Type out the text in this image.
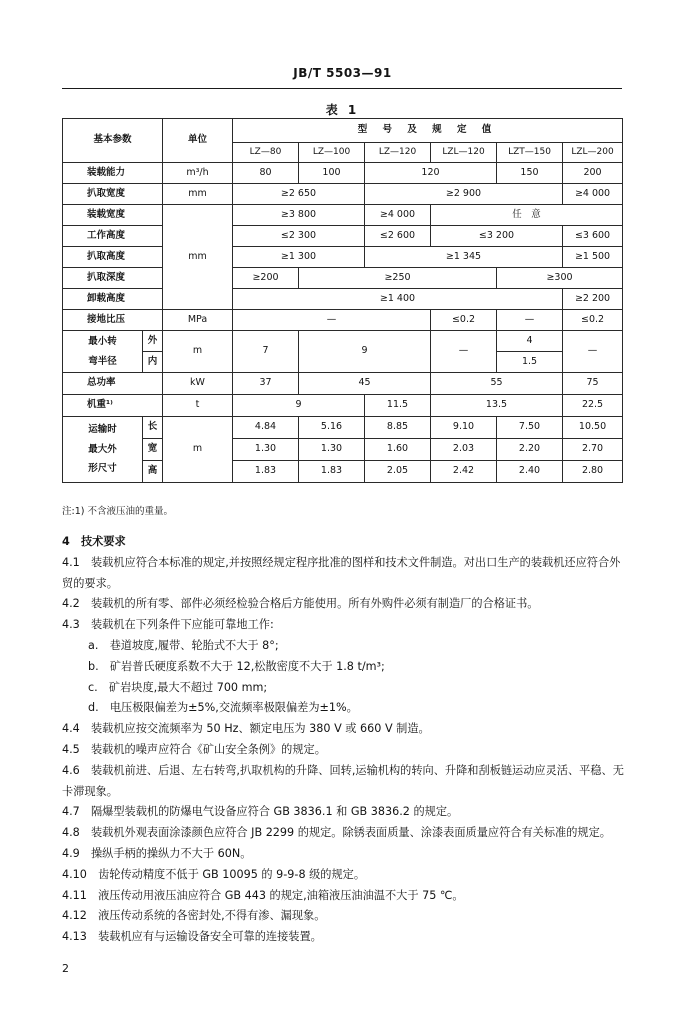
JB/T 5503—91
表 1
基本参数		单位	型 号 及 规 定 值					
			LZ—80	LZ—100	LZ—120	LZL—120	LZT—150	LZL—200
装载能力		m³/h	80	100	120		150	200
扒取宽度		mm	≥2 650		≥2 900			≥4 000
装载宽度		mm	≥3 800		≥4 000	任　意		
工作高度			≤2 300		≤2 600	≤3 200		≤3 600
扒取高度			≥1 300		≥1 345			≥1 500
扒取深度			≥200	≥250			≥300	
卸载高度			≥1 400					≥2 200
接地比压		MPa	—			≤0.2	—	≤0.2

最小转
弯半径	外	m	7	9		—	4	—
	内						1.5	
总功率		kW	37	45		55		75
机重¹⁾		t	9		11.5	13.5		22.5

运输时
最大外
形尺寸	长	m	4.84	5.16	8.85	9.10	7.50	10.50
	宽		1.30	1.30	1.60	2.03	2.20	2.70
	高		1.83	1.83	2.05	2.42	2.40	2.80
注:1) 不含液压油的重量。

4　技术要求

4.1　装载机应符合本标准的规定,并按照经规定程序批准的图样和技术文件制造。对出口生产的装载机还应符合外贸的要求。

4.2　装载机的所有零、部件必须经检验合格后方能使用。所有外购件必须有制造厂的合格证书。

4.3　装载机在下列条件下应能可靠地工作:

a.　巷道坡度,履带、轮胎式不大于 8°;

b.　矿岩普氏硬度系数不大于 12,松散密度不大于 1.8 t/m³;

c.　矿岩块度,最大不超过 700 mm;

d.　电压极限偏差为±5%,交流频率极限偏差为±1%。

4.4　装载机应按交流频率为 50 Hz、额定电压为 380 V 或 660 V 制造。

4.5　装载机的噪声应符合《矿山安全条例》的规定。

4.6　装载机前进、后退、左右转弯,扒取机构的升降、回转,运输机构的转向、升降和刮板链运动应灵活、平稳、无卡滞现象。

4.7　隔爆型装载机的防爆电气设备应符合 GB 3836.1 和 GB 3836.2 的规定。

4.8　装载机外观表面涂漆颜色应符合 JB 2299 的规定。除锈表面质量、涂漆表面质量应符合有关标准的规定。

4.9　操纵手柄的操纵力不大于 60N。

4.10　齿轮传动精度不低于 GB 10095 的 9-9-8 级的规定。

4.11　液压传动用液压油应符合 GB 443 的规定,油箱液压油油温不大于 75 ℃。

4.12　液压传动系统的各密封处,不得有渗、漏现象。

4.13　装载机应有与运输设备安全可靠的连接装置。

2
